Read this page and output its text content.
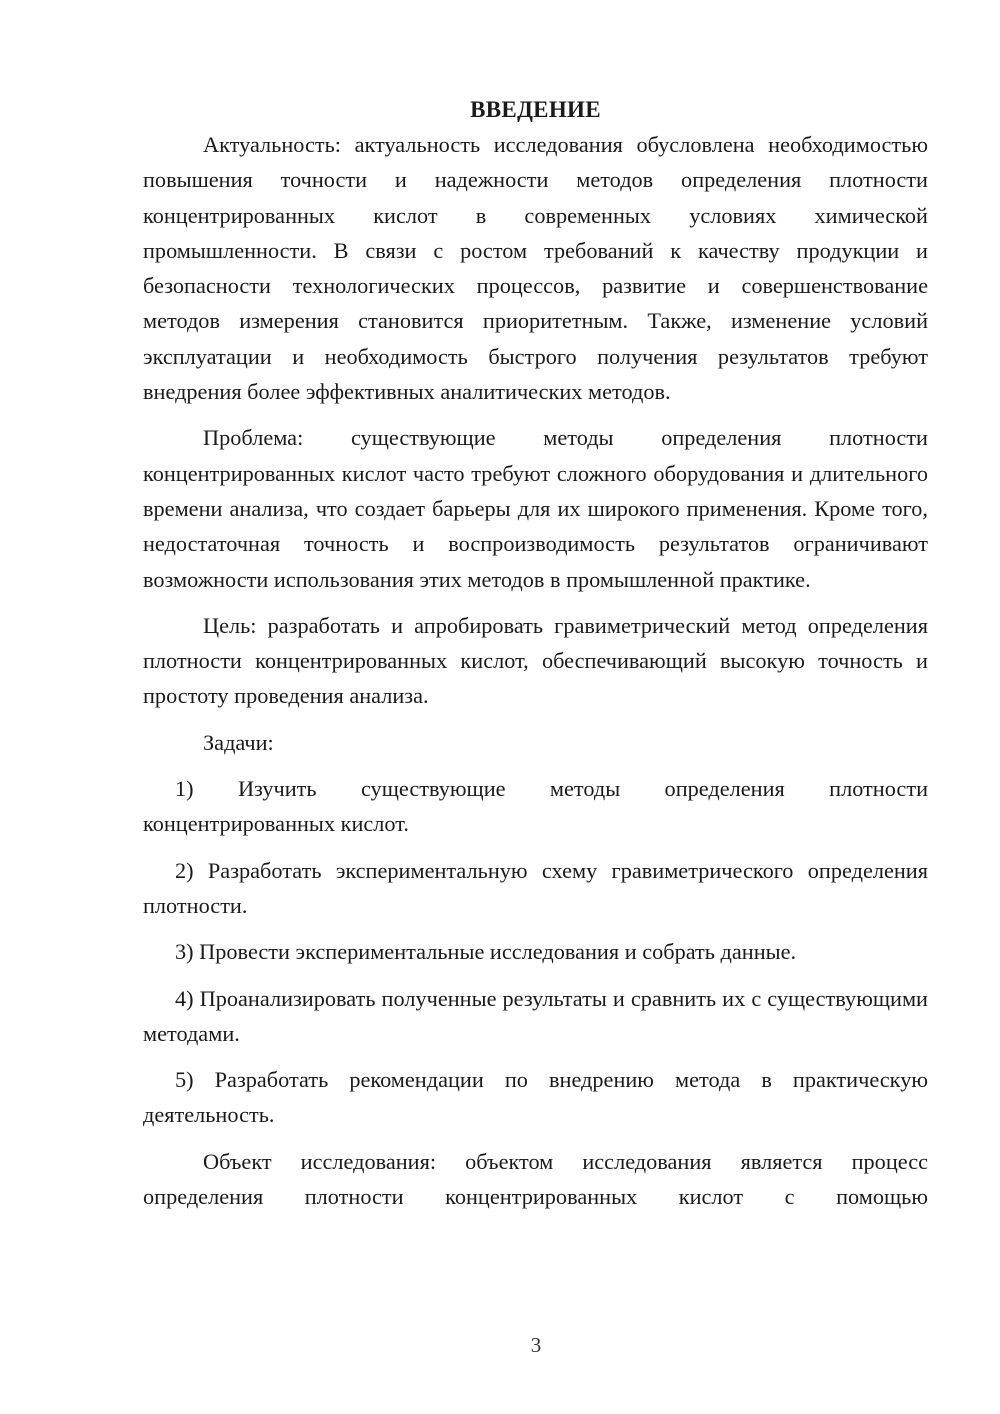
ВВЕДЕНИЕ

Актуальность: актуальность исследования обусловлена необходимостью повышения точности и надежности методов определения плотности концентрированных кислот в современных условиях химической промышленности. В связи с ростом требований к качеству продукции и безопасности технологических процессов, развитие и совершенствование методов измерения становится приоритетным. Также, изменение условий эксплуатации и необходимость быстрого получения результатов требуют внедрения более эффективных аналитических методов.

Проблема: существующие методы определения плотности концентрированных кислот часто требуют сложного оборудования и длительного времени анализа, что создает барьеры для их широкого применения. Кроме того, недостаточная точность и воспроизводимость результатов ограничивают возможности использования этих методов в промышленной практике.

Цель: разработать и апробировать гравиметрический метод определения плотности концентрированных кислот, обеспечивающий высокую точность и простоту проведения анализа.

Задачи:

1) Изучить существующие методы определения плотности концентрированных кислот.

2) Разработать экспериментальную схему гравиметрического определения плотности.

3) Провести экспериментальные исследования и собрать данные.

4) Проанализировать полученные результаты и сравнить их с существующими методами.

5) Разработать рекомендации по внедрению метода в практическую деятельность.

Объект исследования: объектом исследования является процесс определения плотности концентрированных кислот с помощью

3
